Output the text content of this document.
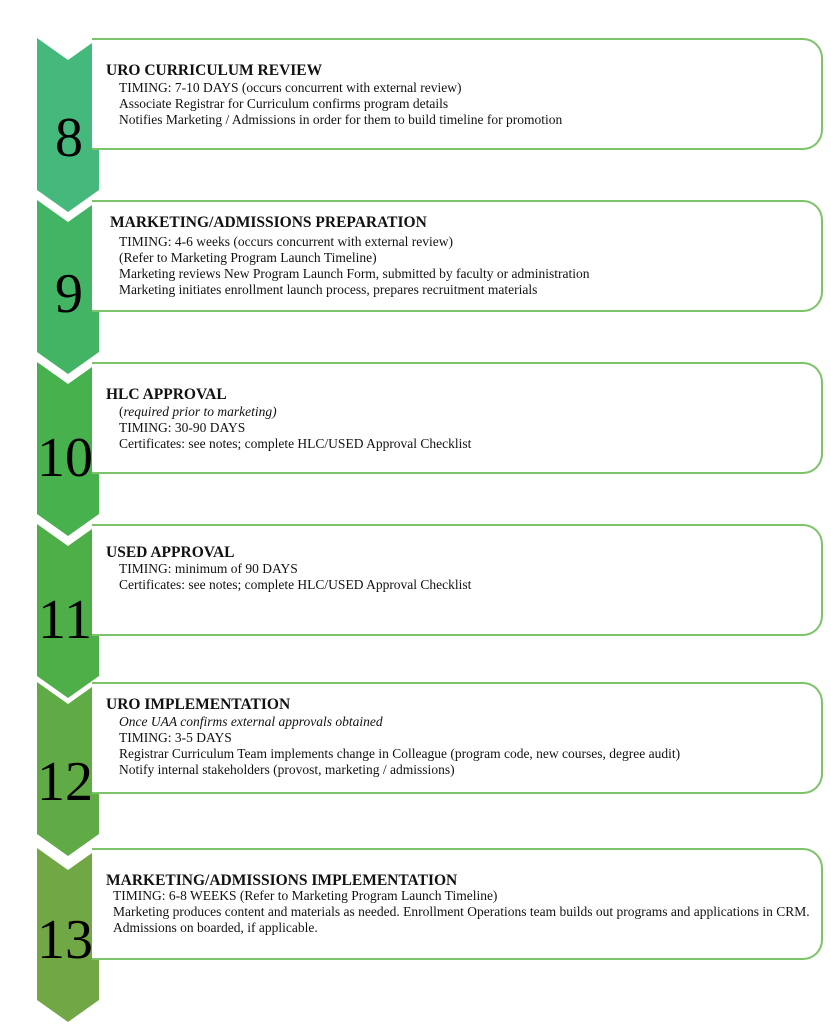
8
URO CURRICULUM REVIEW
TIMING: 7-10 DAYS (occurs concurrent with external review)
Associate Registrar for Curriculum confirms program details
Notifies Marketing / Admissions in order for them to build timeline for promotion
9
MARKETING/ADMISSIONS PREPARATION
TIMING: 4-6 weeks (occurs concurrent with external review)
(Refer to Marketing Program Launch Timeline)
Marketing reviews New Program Launch Form, submitted by faculty or administration
Marketing initiates enrollment launch process, prepares recruitment materials
10
HLC APPROVAL
(required prior to marketing)
TIMING: 30-90 DAYS
Certificates: see notes; complete HLC/USED Approval Checklist
11
USED APPROVAL
TIMING: minimum of 90 DAYS
Certificates: see notes; complete HLC/USED Approval Checklist
12
URO IMPLEMENTATION
Once UAA confirms external approvals obtained
TIMING: 3-5 DAYS
Registrar Curriculum Team implements change in Colleague (program code, new courses, degree audit)
Notify internal stakeholders (provost, marketing / admissions)
13
MARKETING/ADMISSIONS IMPLEMENTATION
TIMING: 6-8 WEEKS (Refer to Marketing Program Launch Timeline)
Marketing produces content and materials as needed. Enrollment Operations team builds out programs and applications in CRM. Admissions on boarded, if applicable.
